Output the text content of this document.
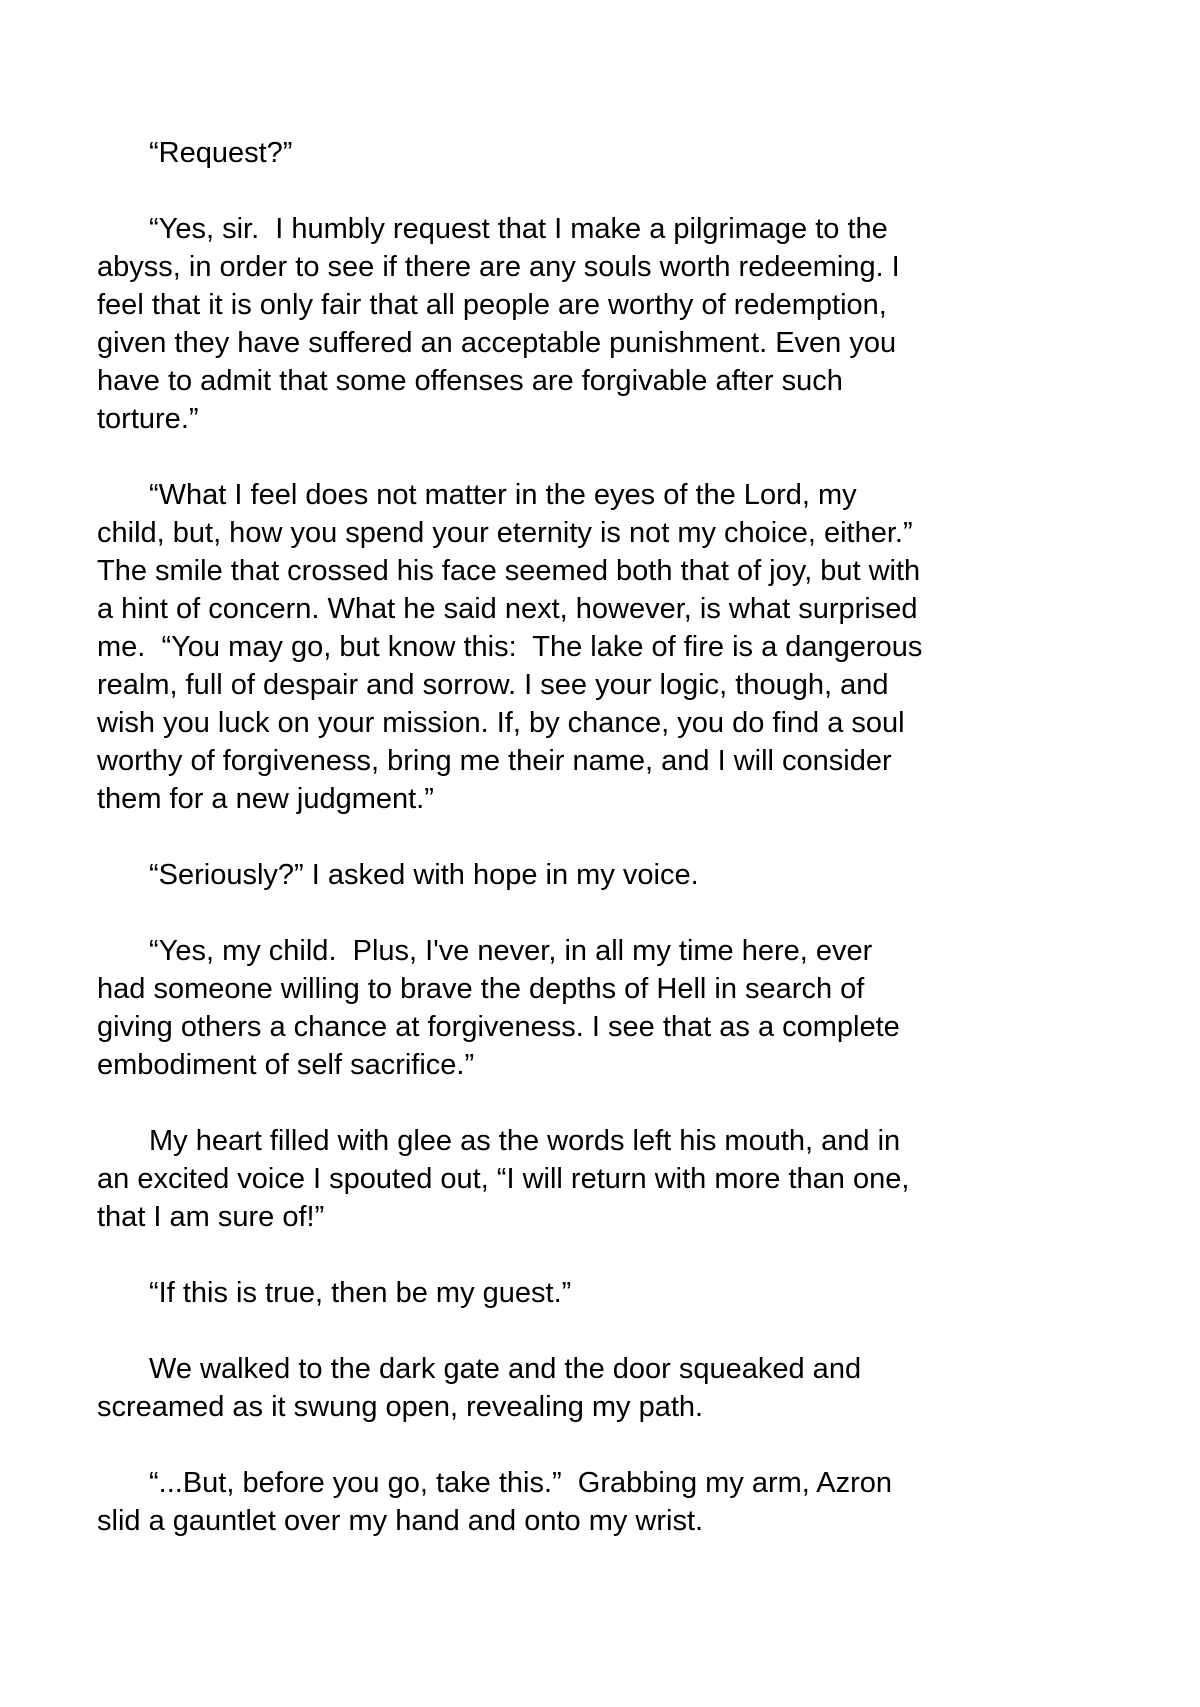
“Request?”

“Yes, sir.  I humbly request that I make a pilgrimage to the
abyss, in order to see if there are any souls worth redeeming. I
feel that it is only fair that all people are worthy of redemption,
given they have suffered an acceptable punishment. Even you
have to admit that some offenses are forgivable after such
torture.”

“What I feel does not matter in the eyes of the Lord, my
child, but, how you spend your eternity is not my choice, either.”
The smile that crossed his face seemed both that of joy, but with
a hint of concern. What he said next, however, is what surprised
me.  “You may go, but know this:  The lake of fire is a dangerous
realm, full of despair and sorrow. I see your logic, though, and
wish you luck on your mission. If, by chance, you do find a soul
worthy of forgiveness, bring me their name, and I will consider
them for a new judgment.”

“Seriously?” I asked with hope in my voice.

“Yes, my child.  Plus, I've never, in all my time here, ever
had someone willing to brave the depths of Hell in search of
giving others a chance at forgiveness. I see that as a complete
embodiment of self sacrifice.”

My heart filled with glee as the words left his mouth, and in
an excited voice I spouted out, “I will return with more than one,
that I am sure of!”

“If this is true, then be my guest.”

We walked to the dark gate and the door squeaked and
screamed as it swung open, revealing my path.

“...But, before you go, take this.”  Grabbing my arm, Azron
slid a gauntlet over my hand and onto my wrist.
